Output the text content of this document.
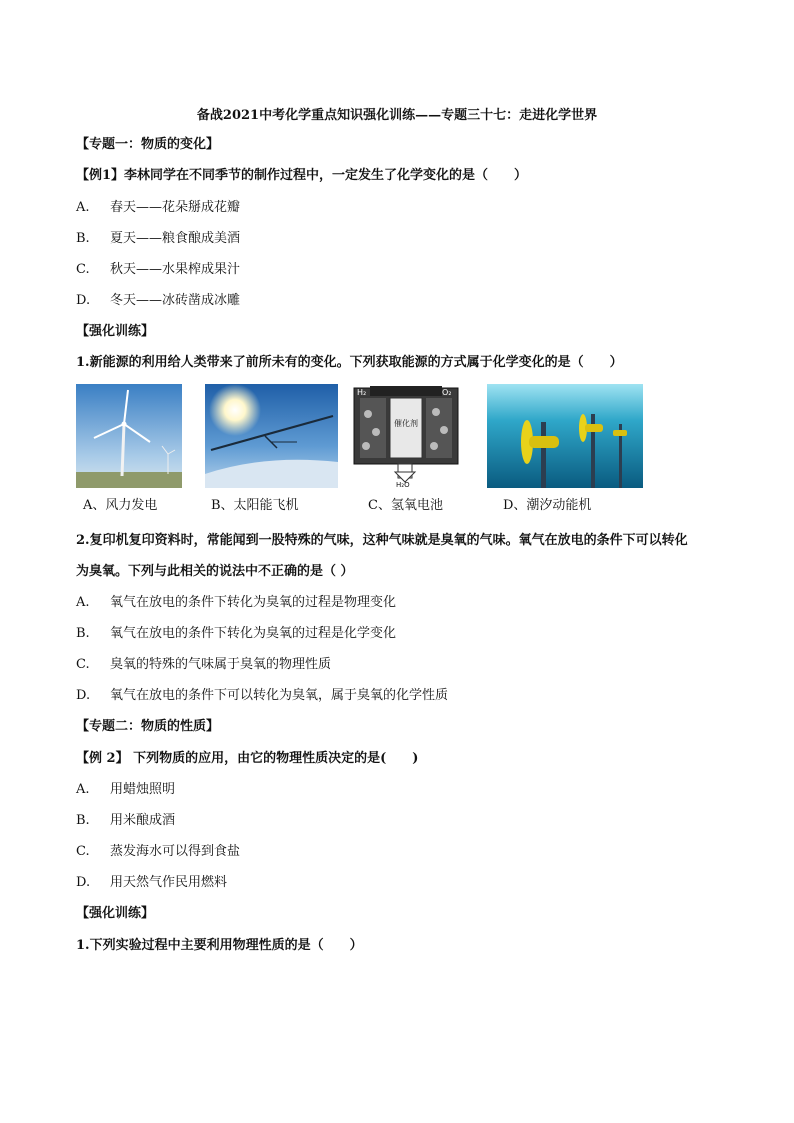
备战2021中考化学重点知识强化训练——专题三十七：走进化学世界
【专题一：物质的变化】
【例1】李林同学在不同季节的制作过程中，一定发生了化学变化的是（　　）
A. 春天——花朵掰成花瓣
B. 夏天——粮食酿成美酒
C. 秋天——水果榨成果汁
D. 冬天——冰砖凿成冰雕
【强化训练】
1.新能源的利用给人类带来了前所未有的变化。下列获取能源的方式属于化学变化的是（　　）
H₂	O₂
催化剂
H₂O
A、风力发电	B、太阳能飞机	C、氢氧电池	D、潮汐动能机
2.复印机复印资料时，常能闻到一股特殊的气味，这种气味就是臭氧的气味。氧气在放电的条件下可以转化
为臭氧。下列与此相关的说法中不正确的是（ ）
A. 氧气在放电的条件下转化为臭氧的过程是物理变化
B. 氧气在放电的条件下转化为臭氧的过程是化学变化
C. 臭氧的特殊的气味属于臭氧的物理性质
D. 氧气在放电的条件下可以转化为臭氧，属于臭氧的化学性质
【专题二：物质的性质】
【例 2】 下列物质的应用，由它的物理性质决定的是(　　)
A. 用蜡烛照明
B. 用米酿成酒
C. 蒸发海水可以得到食盐
D. 用天然气作民用燃料
【强化训练】
1.下列实验过程中主要利用物理性质的是（　　）
